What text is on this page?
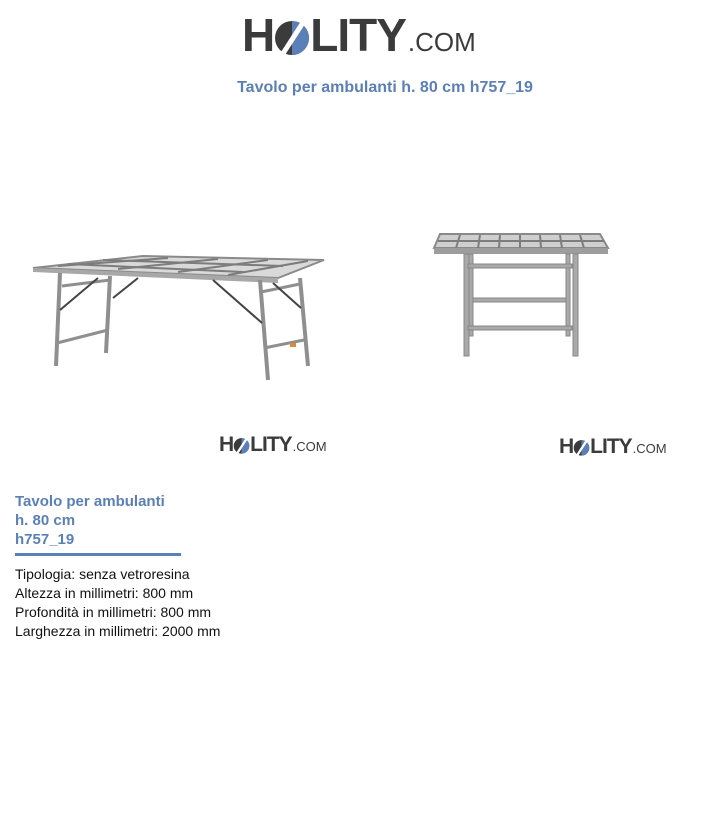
H LITY .COM
Tavolo per ambulanti h. 80 cm h757_19
H LITY .COM	H LITY .COM
Tavolo per ambulanti
h. 80 cm
h757_19
Tipologia: senza vetroresina
Altezza in millimetri: 800 mm
Profondità in millimetri: 800 mm
Larghezza in millimetri: 2000 mm
